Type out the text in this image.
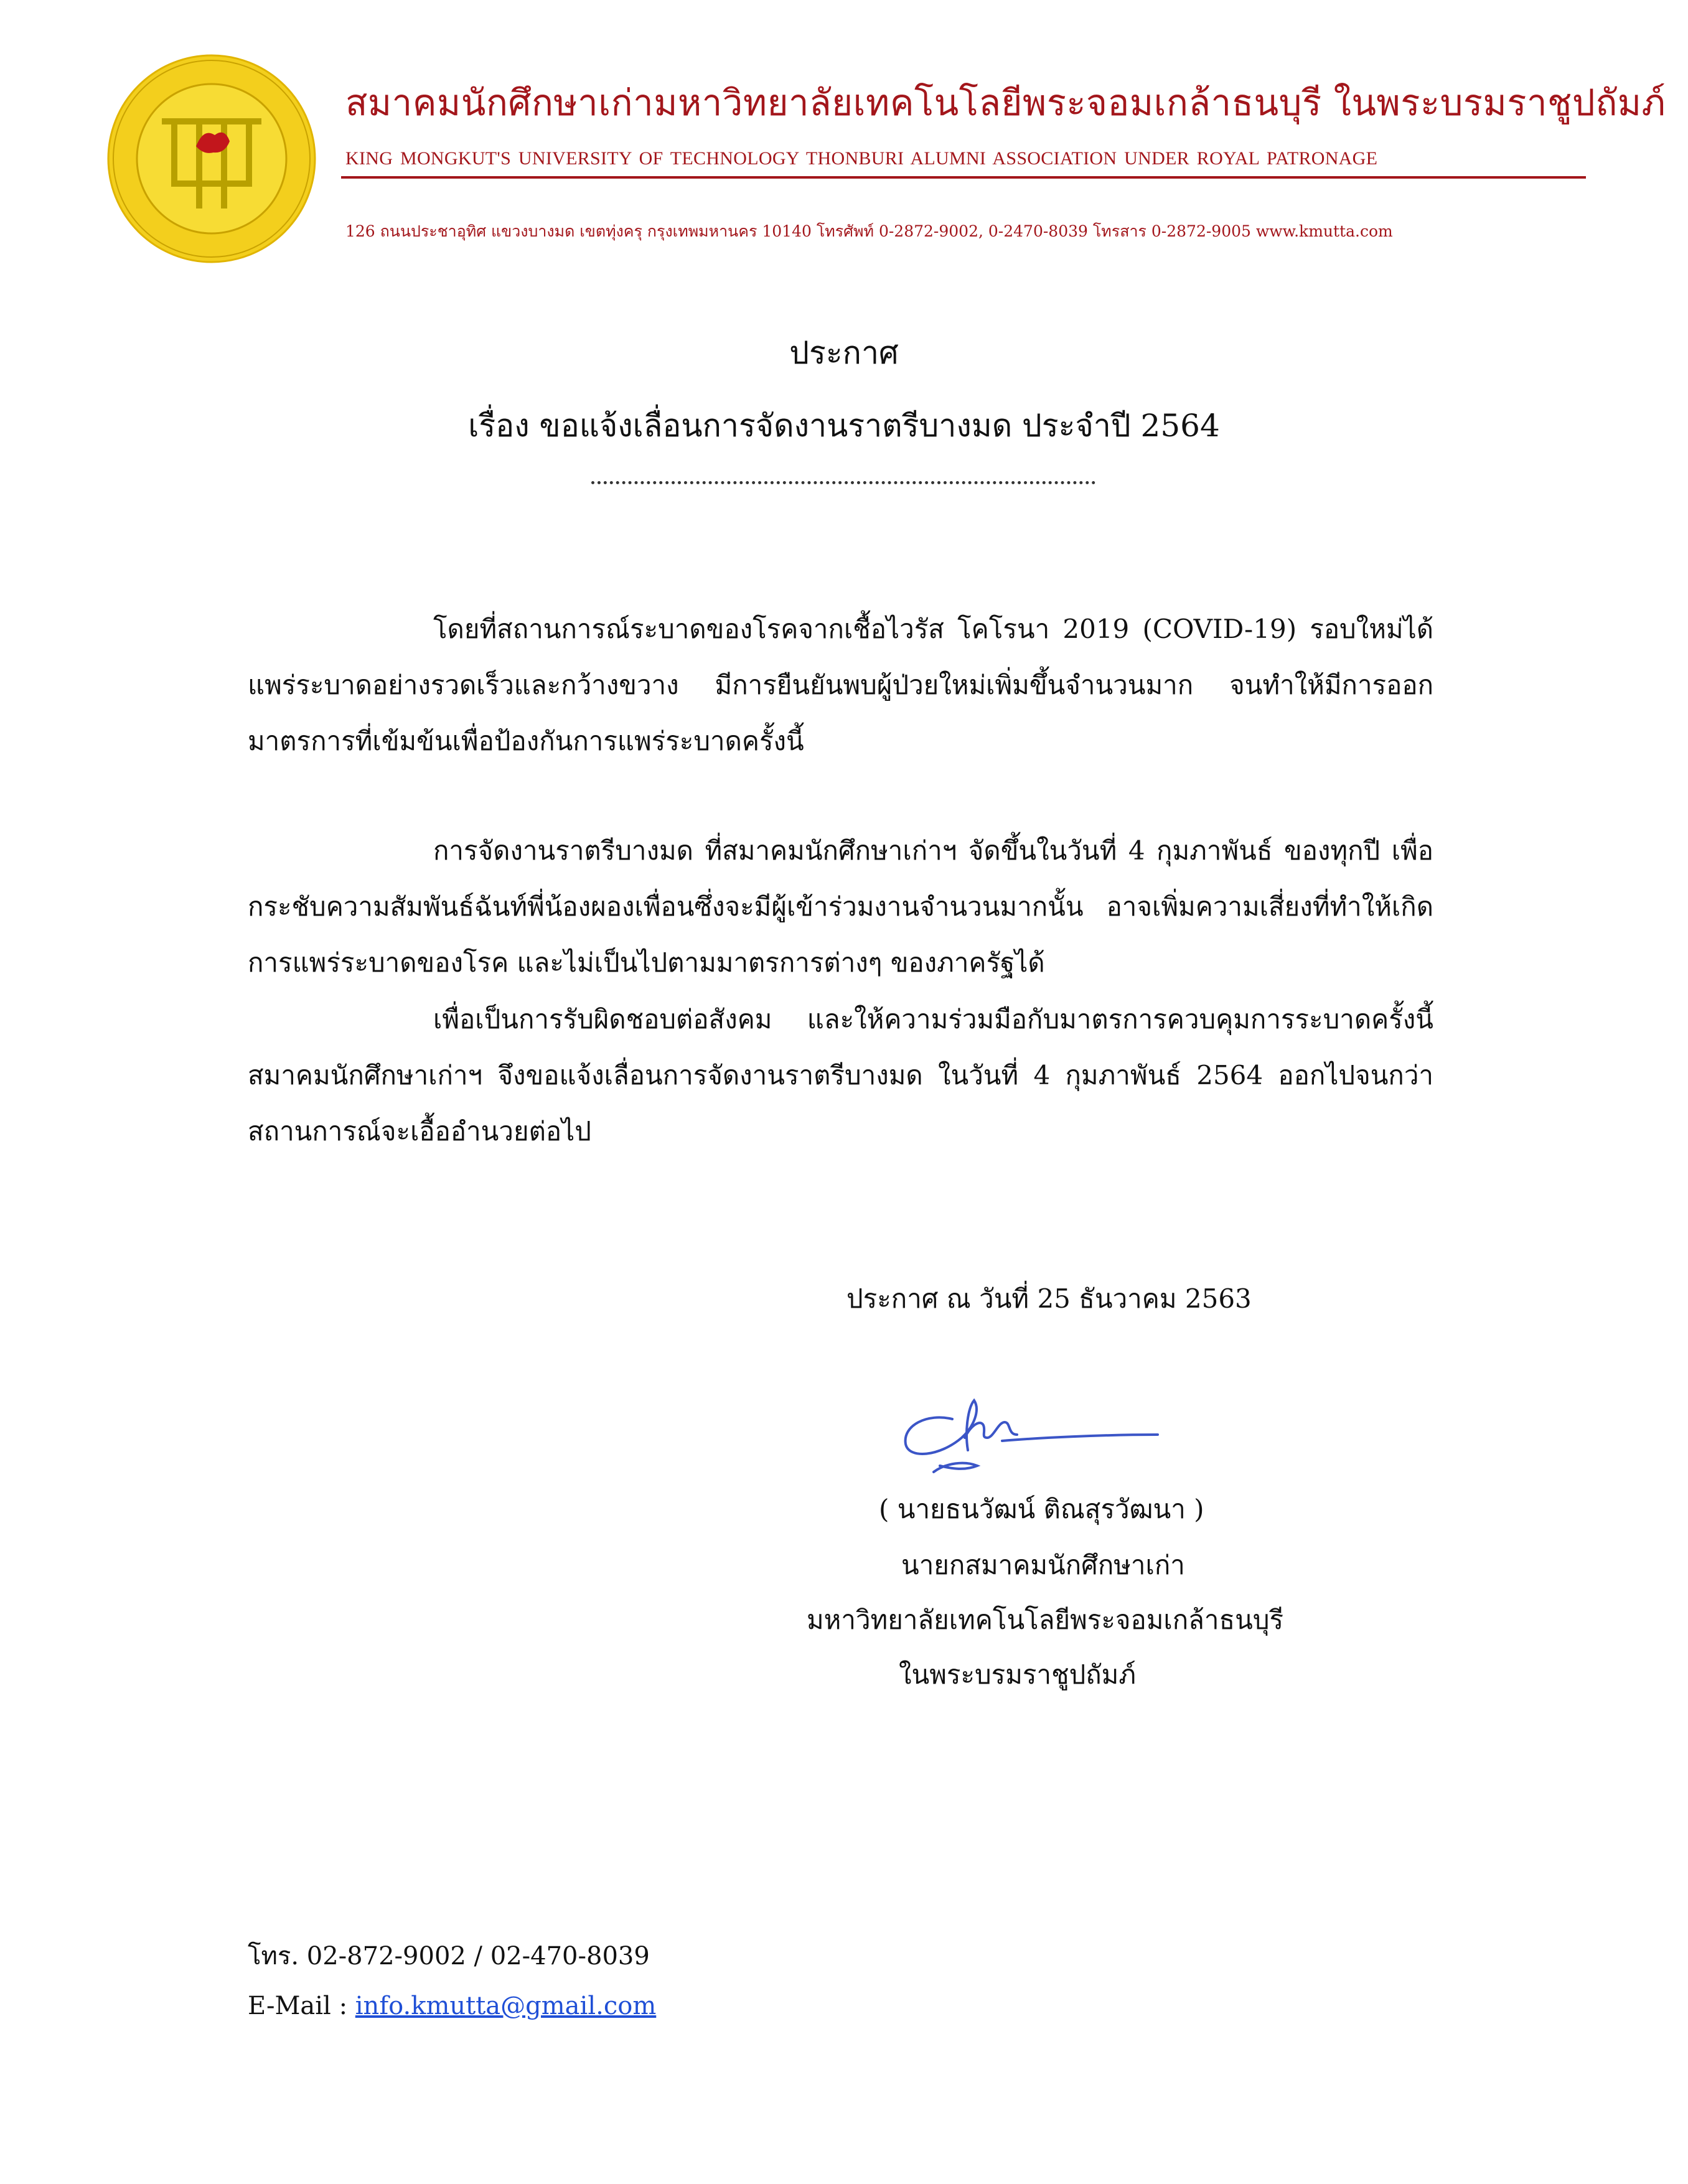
สมาคมนักศึกษาเก่ามหาวิทยาลัยเทคโนโลยีพระจอมเกล้าธนบุรี ในพระบรมราชูปถัมภ์
KING MONGKUT'S UNIVERSITY OF TECHNOLOGY THONBURI ALUMNI ASSOCIATION UNDER ROYAL PATRONAGE
126 ถนนประชาอุทิศ แขวงบางมด เขตทุ่งครุ กรุงเทพมหานคร 10140 โทรศัพท์ 0-2872-9002, 0-2470-8039 โทรสาร 0-2872-9005 www.kmutta.com
ประกาศ
เรื่อง ขอแจ้งเลื่อนการจัดงานราตรีบางมด ประจำปี 2564
โดยที่สถานการณ์ระบาดของโรคจากเชื้อไวรัส โคโรนา 2019 (COVID-19) รอบใหม่ได้แพร่ระบาดอย่างรวดเร็วและกว้างขวาง มีการยืนยันพบผู้ป่วยใหม่เพิ่มขึ้นจำนวนมาก จนทำให้มีการออกมาตรการที่เข้มข้นเพื่อป้องกันการแพร่ระบาดครั้งนี้
การจัดงานราตรีบางมด ที่สมาคมนักศึกษาเก่าฯ จัดขึ้นในวันที่ 4 กุมภาพันธ์ ของทุกปี เพื่อกระชับความสัมพันธ์ฉันท์พี่น้องผองเพื่อนซึ่งจะมีผู้เข้าร่วมงานจำนวนมากนั้น อาจเพิ่มความเสี่ยงที่ทำให้เกิดการแพร่ระบาดของโรค และไม่เป็นไปตามมาตรการต่างๆ ของภาครัฐได้
เพื่อเป็นการรับผิดชอบต่อสังคม และให้ความร่วมมือกับมาตรการควบคุมการระบาดครั้งนี้ สมาคมนักศึกษาเก่าฯ จึงขอแจ้งเลื่อนการจัดงานราตรีบางมด ในวันที่ 4 กุมภาพันธ์ 2564 ออกไปจนกว่าสถานการณ์จะเอื้ออำนวยต่อไป
ประกาศ ณ วันที่ 25 ธันวาคม 2563
( นายธนวัฒน์ ติณสุรวัฒนา )
นายกสมาคมนักศึกษาเก่า
มหาวิทยาลัยเทคโนโลยีพระจอมเกล้าธนบุรี
ในพระบรมราชูปถัมภ์
โทร. 02-872-9002 / 02-470-8039
E-Mail : info.kmutta@gmail.com
